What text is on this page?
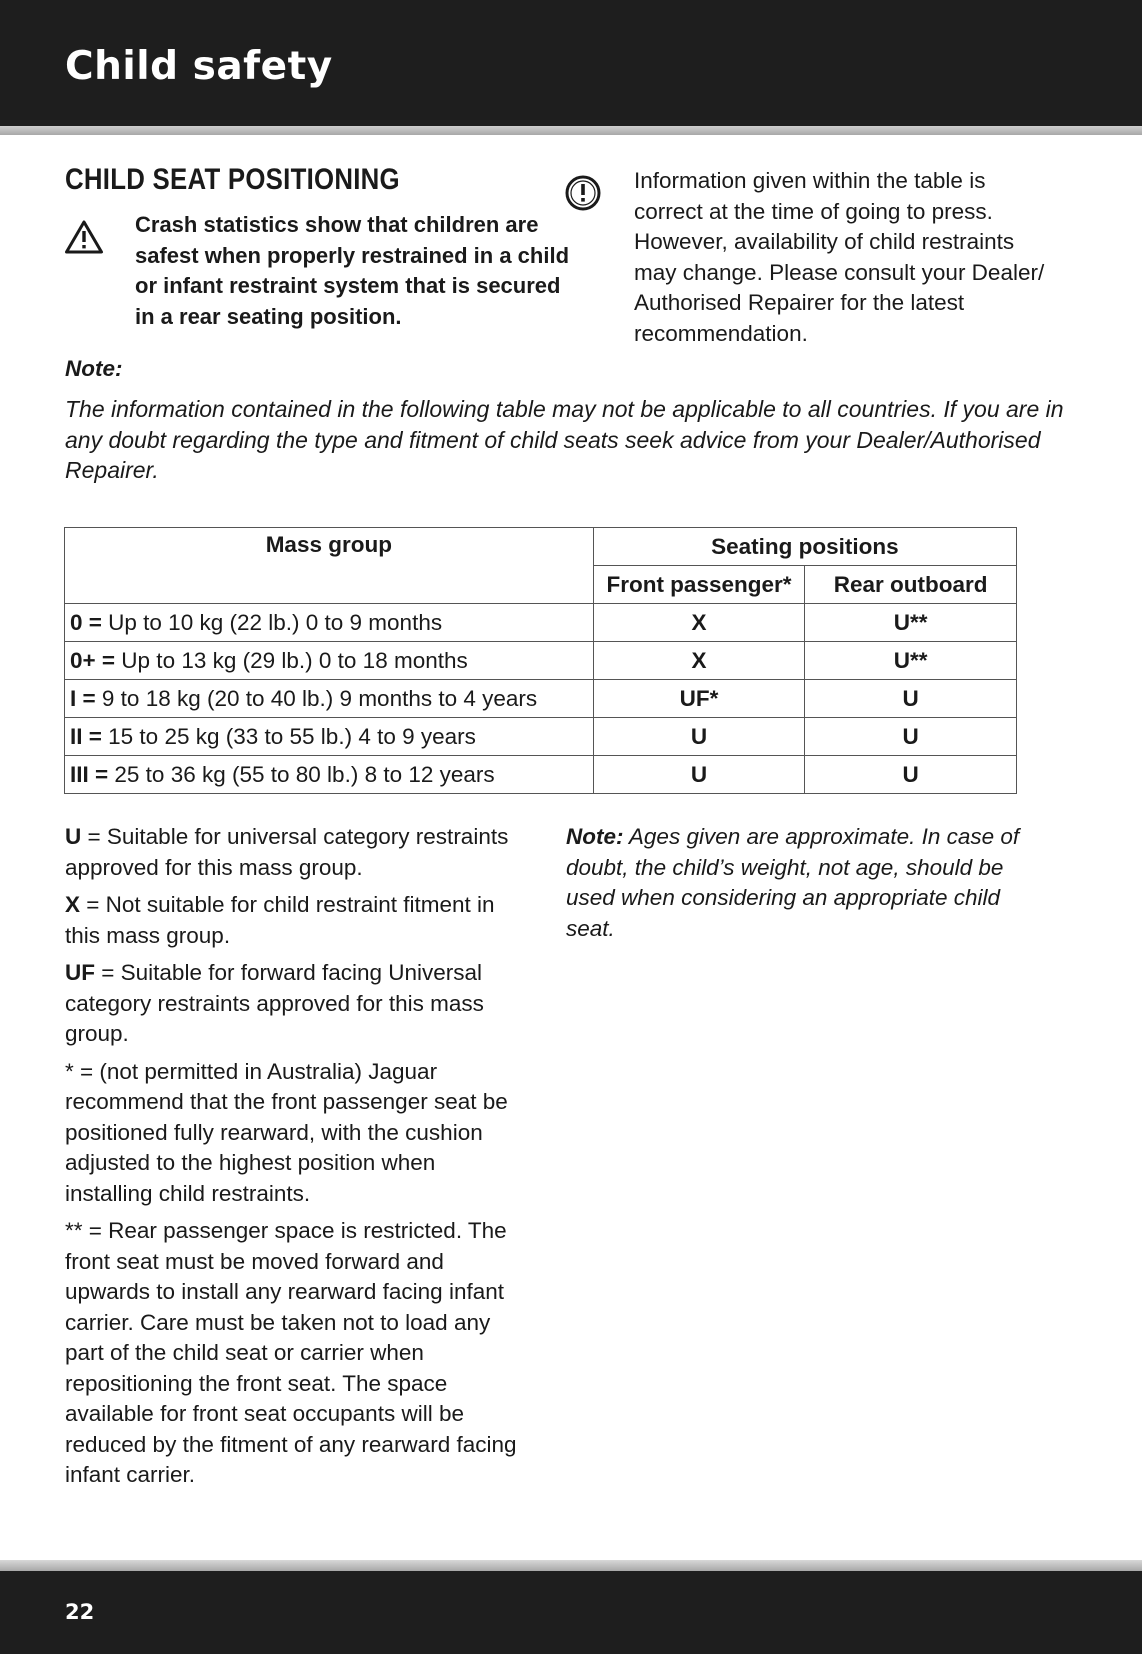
Child safety
CHILD SEAT POSITIONING
Crash statistics show that children are safest when properly restrained in a child or infant restraint system that is secured in a rear seating position.
Information given within the table is correct at the time of going to press. However, availability of child restraints may change. Please consult your Dealer/ Authorised Repairer for the latest recommendation.
Note:
The information contained in the following table may not be applicable to all countries. If you are in any doubt regarding the type and fitment of child seats seek advice from your Dealer/Authorised Repairer.
Mass group	Seating positions	
	Front passenger*	Rear outboard
0 = Up to 10 kg (22 lb.) 0 to 9 months	X	U**
0+ = Up to 13 kg (29 lb.) 0 to 18 months	X	U**
I = 9 to 18 kg (20 to 40 lb.) 9 months to 4 years	UF*	U
II = 15 to 25 kg (33 to 55 lb.) 4 to 9 years	U	U
III = 25 to 36 kg (55 to 80 lb.) 8 to 12 years	U	U

U = Suitable for universal category restraints approved for this mass group.

X = Not suitable for child restraint fitment in this mass group.

UF = Suitable for forward facing Universal category restraints approved for this mass group.

* = (not permitted in Australia) Jaguar recommend that the front passenger seat be positioned fully rearward, with the cushion adjusted to the highest position when installing child restraints.

** = Rear passenger space is restricted. The front seat must be moved forward and upwards to install any rearward facing infant carrier. Care must be taken not to load any part of the child seat or carrier when repositioning the front seat. The space available for front seat occupants will be reduced by the fitment of any rearward facing infant carrier.

Note: Ages given are approximate. In case of doubt, the child’s weight, not age, should be used when considering an appropriate child seat.
22
